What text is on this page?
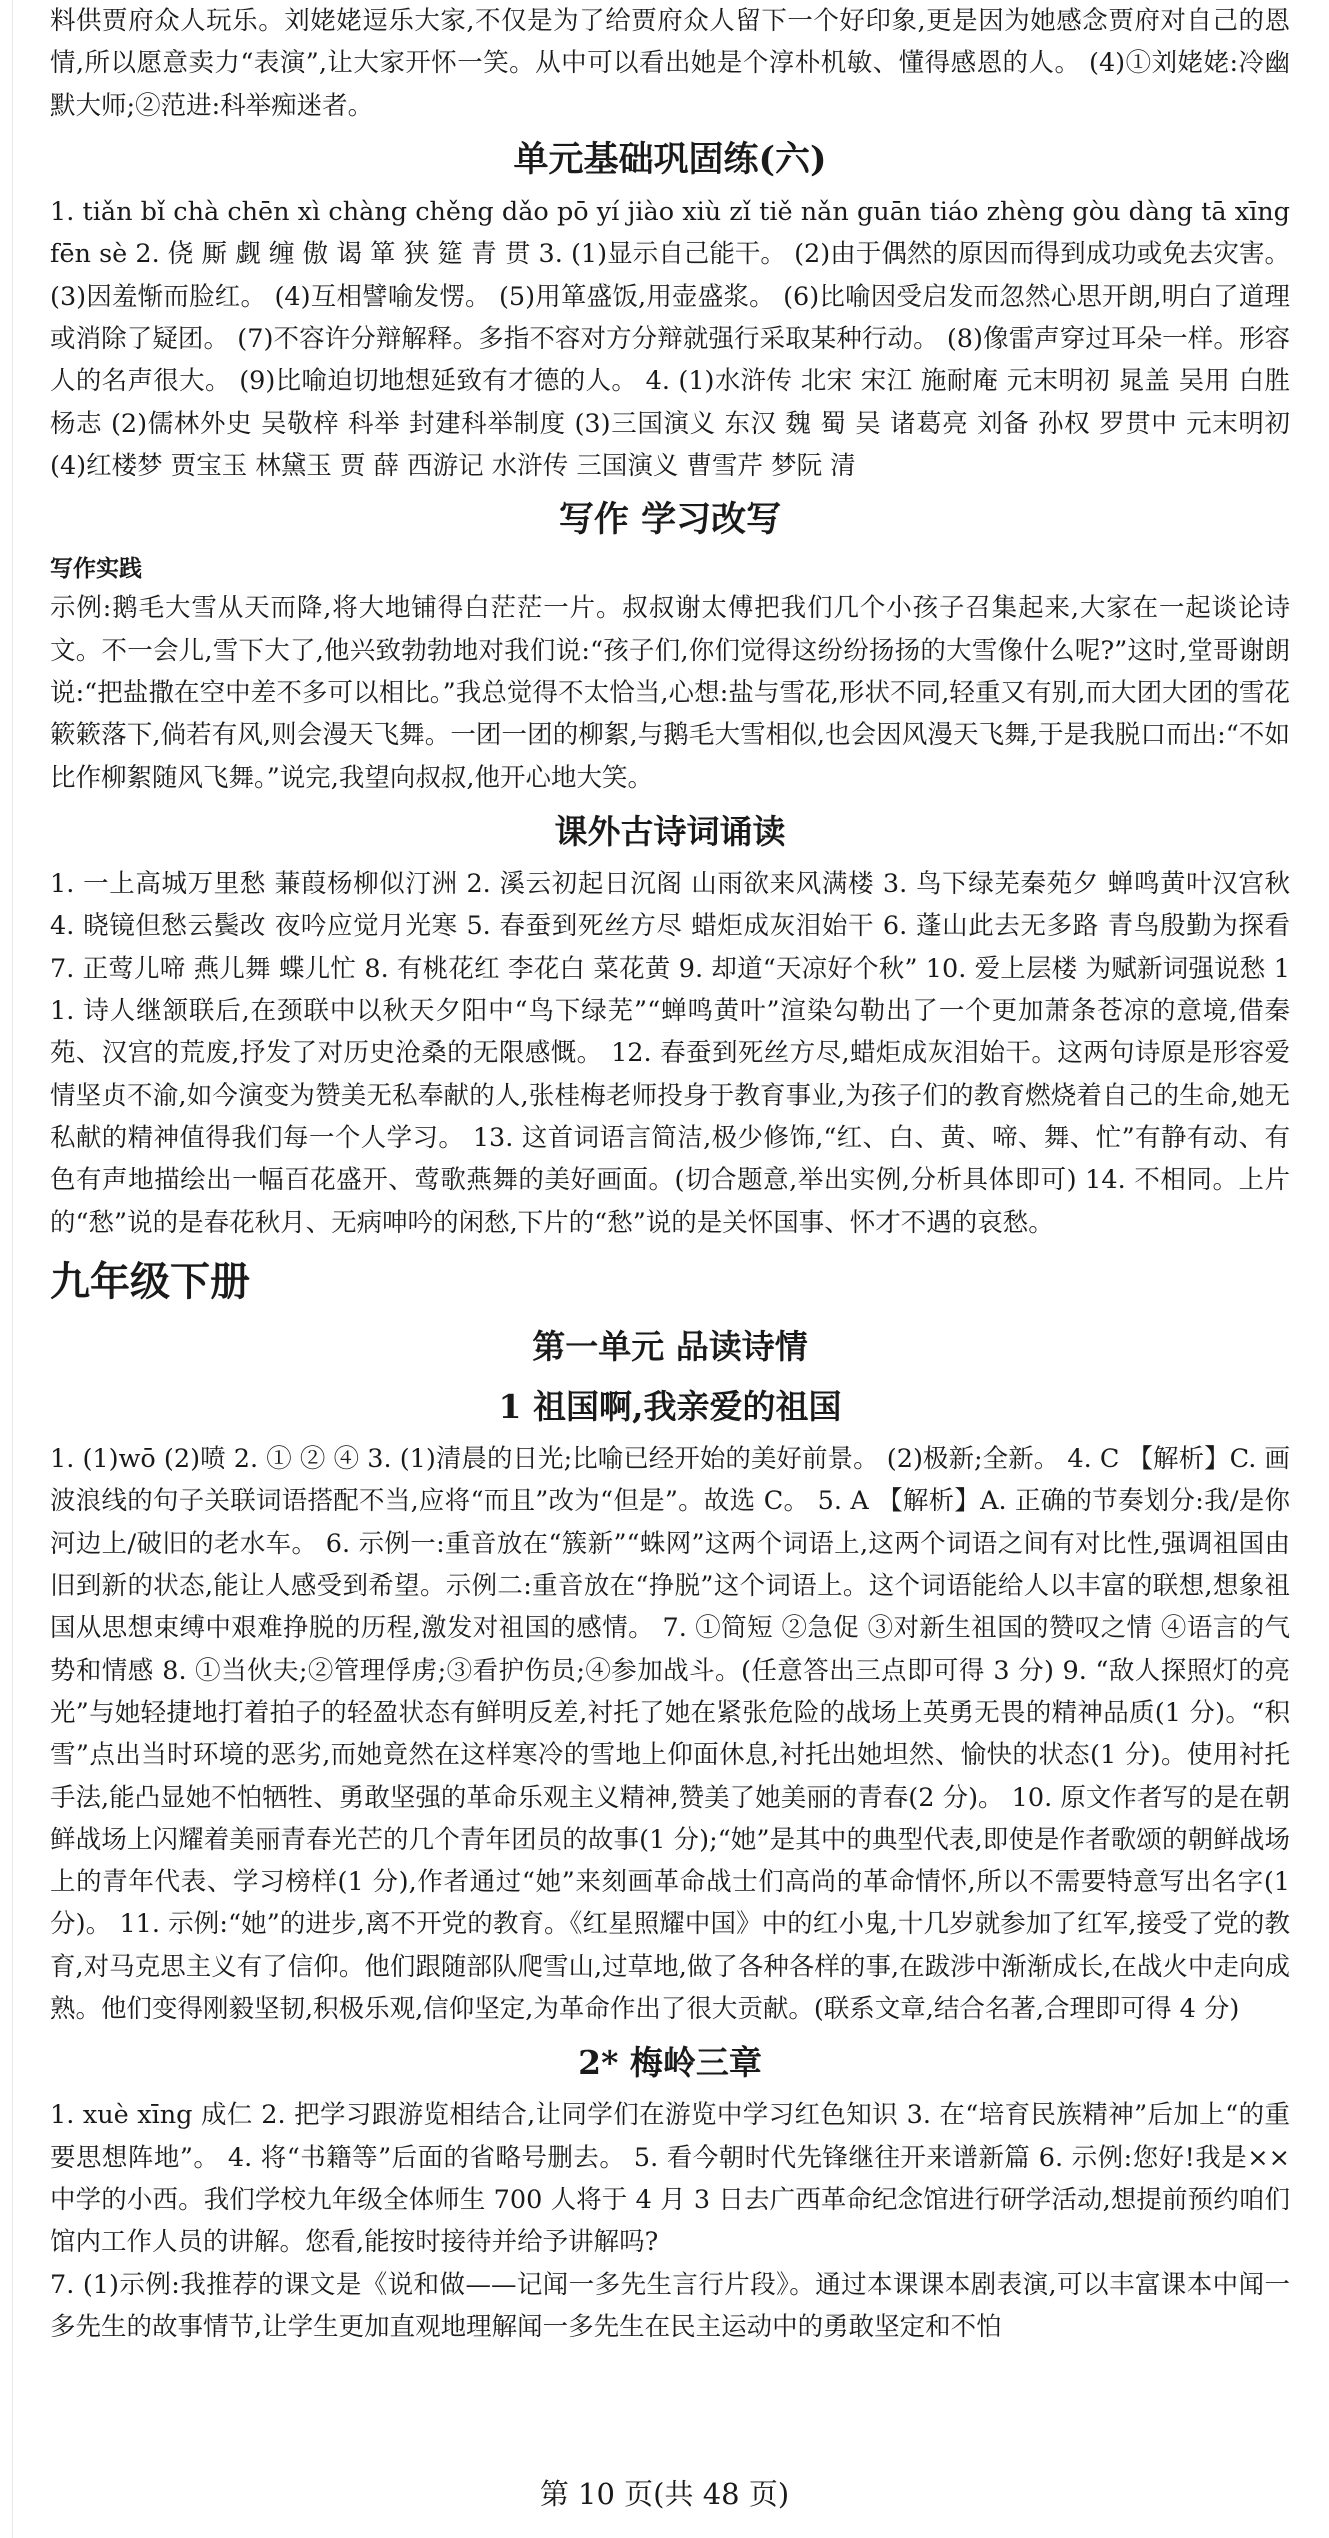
料供贾府众人玩乐。刘姥姥逗乐大家,不仅是为了给贾府众人留下一个好印象,更是因为她感念贾府对自己的恩情,所以愿意卖力“表演”,让大家开怀一笑。从中可以看出她是个淳朴机敏、懂得感恩的人。 (4)①刘姥姥:冷幽默大师;②范进:科举痴迷者。

单元基础巩固练(六)

1. tiǎn bǐ chà chēn xì chàng chěng dǎo pō yí jiào xiù zǐ tiě nǎn guān tiáo zhèng gòu dàng tā xīng fēn sè 2. 侥 厮 觑 缠 傲 谒 箪 狭 筵 青 贯 3. (1)显示自己能干。 (2)由于偶然的原因而得到成功或免去灾害。 (3)因羞惭而脸红。 (4)互相譬喻发愣。 (5)用箪盛饭,用壶盛浆。 (6)比喻因受启发而忽然心思开朗,明白了道理或消除了疑团。 (7)不容许分辩解释。多指不容对方分辩就强行采取某种行动。 (8)像雷声穿过耳朵一样。形容人的名声很大。 (9)比喻迫切地想延致有才德的人。 4. (1)水浒传 北宋 宋江 施耐庵 元末明初 晁盖 吴用 白胜 杨志 (2)儒林外史 吴敬梓 科举 封建科举制度 (3)三国演义 东汉 魏 蜀 吴 诸葛亮 刘备 孙权 罗贯中 元末明初 (4)红楼梦 贾宝玉 林黛玉 贾 薛 西游记 水浒传 三国演义 曹雪芹 梦阮 清

写作 学习改写
写作实践

示例:鹅毛大雪从天而降,将大地铺得白茫茫一片。叔叔谢太傅把我们几个小孩子召集起来,大家在一起谈论诗文。不一会儿,雪下大了,他兴致勃勃地对我们说:“孩子们,你们觉得这纷纷扬扬的大雪像什么呢?”这时,堂哥谢朗说:“把盐撒在空中差不多可以相比。”我总觉得不太恰当,心想:盐与雪花,形状不同,轻重又有别,而大团大团的雪花簌簌落下,倘若有风,则会漫天飞舞。一团一团的柳絮,与鹅毛大雪相似,也会因风漫天飞舞,于是我脱口而出:“不如比作柳絮随风飞舞。”说完,我望向叔叔,他开心地大笑。

课外古诗词诵读

1. 一上高城万里愁 蒹葭杨柳似汀洲 2. 溪云初起日沉阁 山雨欲来风满楼 3. 鸟下绿芜秦苑夕 蝉鸣黄叶汉宫秋 4. 晓镜但愁云鬓改 夜吟应觉月光寒 5. 春蚕到死丝方尽 蜡炬成灰泪始干 6. 蓬山此去无多路 青鸟殷勤为探看 7. 正莺儿啼 燕儿舞 蝶儿忙 8. 有桃花红 李花白 菜花黄 9. 却道“天凉好个秋” 10. 爱上层楼 为赋新词强说愁 11. 诗人继颔联后,在颈联中以秋天夕阳中“鸟下绿芜”“蝉鸣黄叶”渲染勾勒出了一个更加萧条苍凉的意境,借秦苑、汉宫的荒废,抒发了对历史沧桑的无限感慨。 12. 春蚕到死丝方尽,蜡炬成灰泪始干。这两句诗原是形容爱情坚贞不渝,如今演变为赞美无私奉献的人,张桂梅老师投身于教育事业,为孩子们的教育燃烧着自己的生命,她无私献的精神值得我们每一个人学习。 13. 这首词语言简洁,极少修饰,“红、白、黄、啼、舞、忙”有静有动、有色有声地描绘出一幅百花盛开、莺歌燕舞的美好画面。(切合题意,举出实例,分析具体即可) 14. 不相同。上片的“愁”说的是春花秋月、无病呻吟的闲愁,下片的“愁”说的是关怀国事、怀才不遇的哀愁。

九年级下册
第一单元 品读诗情
1 祖国啊,我亲爱的祖国

1. (1)wō (2)喷 2. ① ② ④ 3. (1)清晨的日光;比喻已经开始的美好前景。 (2)极新;全新。 4. C 【解析】C. 画波浪线的句子关联词语搭配不当,应将“而且”改为“但是”。故选 C。 5. A 【解析】A. 正确的节奏划分:我/是你河边上/破旧的老水车。 6. 示例一:重音放在“簇新”“蛛网”这两个词语上,这两个词语之间有对比性,强调祖国由旧到新的状态,能让人感受到希望。示例二:重音放在“挣脱”这个词语上。这个词语能给人以丰富的联想,想象祖国从思想束缚中艰难挣脱的历程,激发对祖国的感情。 7. ①简短 ②急促 ③对新生祖国的赞叹之情 ④语言的气势和情感 8. ①当伙夫;②管理俘虏;③看护伤员;④参加战斗。(任意答出三点即可得 3 分) 9. “敌人探照灯的亮光”与她轻捷地打着拍子的轻盈状态有鲜明反差,衬托了她在紧张危险的战场上英勇无畏的精神品质(1 分)。“积雪”点出当时环境的恶劣,而她竟然在这样寒冷的雪地上仰面休息,衬托出她坦然、愉快的状态(1 分)。使用衬托手法,能凸显她不怕牺牲、勇敢坚强的革命乐观主义精神,赞美了她美丽的青春(2 分)。 10. 原文作者写的是在朝鲜战场上闪耀着美丽青春光芒的几个青年团员的故事(1 分);“她”是其中的典型代表,即使是作者歌颂的朝鲜战场上的青年代表、学习榜样(1 分),作者通过“她”来刻画革命战士们高尚的革命情怀,所以不需要特意写出名字(1 分)。 11. 示例:“她”的进步,离不开党的教育。《红星照耀中国》中的红小鬼,十几岁就参加了红军,接受了党的教育,对马克思主义有了信仰。他们跟随部队爬雪山,过草地,做了各种各样的事,在跋涉中渐渐成长,在战火中走向成熟。他们变得刚毅坚韧,积极乐观,信仰坚定,为革命作出了很大贡献。(联系文章,结合名著,合理即可得 4 分)

2* 梅岭三章

1. xuè xīng 成仁 2. 把学习跟游览相结合,让同学们在游览中学习红色知识 3. 在“培育民族精神”后加上“的重要思想阵地”。 4. 将“书籍等”后面的省略号删去。 5. 看今朝时代先锋继往开来谱新篇 6. 示例:您好!我是××中学的小西。我们学校九年级全体师生 700 人将于 4 月 3 日去广西革命纪念馆进行研学活动,想提前预约咱们馆内工作人员的讲解。您看,能按时接待并给予讲解吗?

7. (1)示例:我推荐的课文是《说和做——记闻一多先生言行片段》。通过本课课本剧表演,可以丰富课本中闻一多先生的故事情节,让学生更加直观地理解闻一多先生在民主运动中的勇敢坚定和不怕

第 10 页(共 48 页)
